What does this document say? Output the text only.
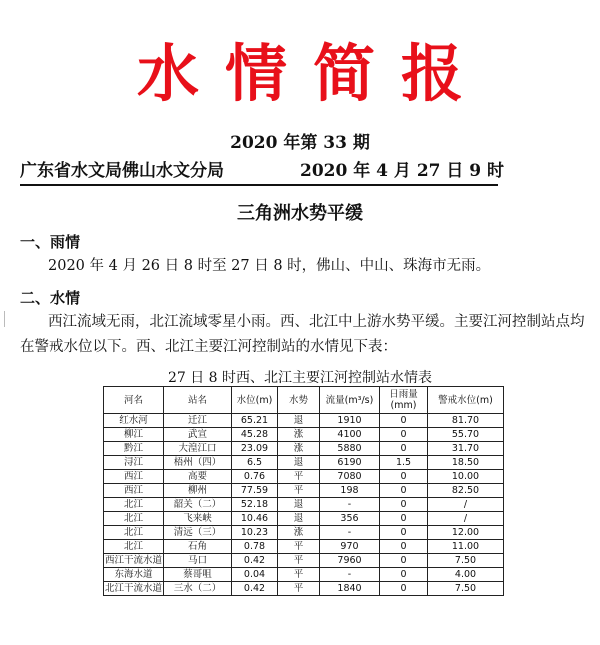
水情简报
2020 年第 33 期
广东省水文局佛山水文分局	2020 年 4 月 27 日 9 时
三角洲水势平缓
一、雨情
2020 年 4 月 26 日 8 时至 27 日 8 时，佛山、中山、珠海市无雨。
二、水情
西江流域无雨，北江流域零星小雨。西、北江中上游水势平缓。主要江河控制站点均在警戒水位以下。西、北江主要江河控制站的水情见下表：
27 日 8 时西、北江主要江河控制站水情表
河名	站名	水位(m)	水势	流量(m³/s)	日雨量(mm)	警戒水位(m)
红水河	迁江	65.21	退	1910	0	81.70
柳江	武宣	45.28	涨	4100	0	55.70
黔江	大湟江口	23.09	涨	5880	0	31.70
浔江	梧州（四）	6.5	退	6190	1.5	18.50
西江	高要	0.76	平	7080	0	10.00
西江	柳州	77.59	平	198	0	82.50
北江	韶关（二）	52.18	退	-	0	/
北江	飞来峡	10.46	退	356	0	/
北江	清远（三）	10.23	涨	-	0	12.00
北江	石角	0.78	平	970	0	11.00
西江干流水道	马口	0.42	平	7960	0	7.50
东海水道	蔡哥咀	0.04	平	-	0	4.00
北江干流水道	三水（二）	0.42	平	1840	0	7.50
